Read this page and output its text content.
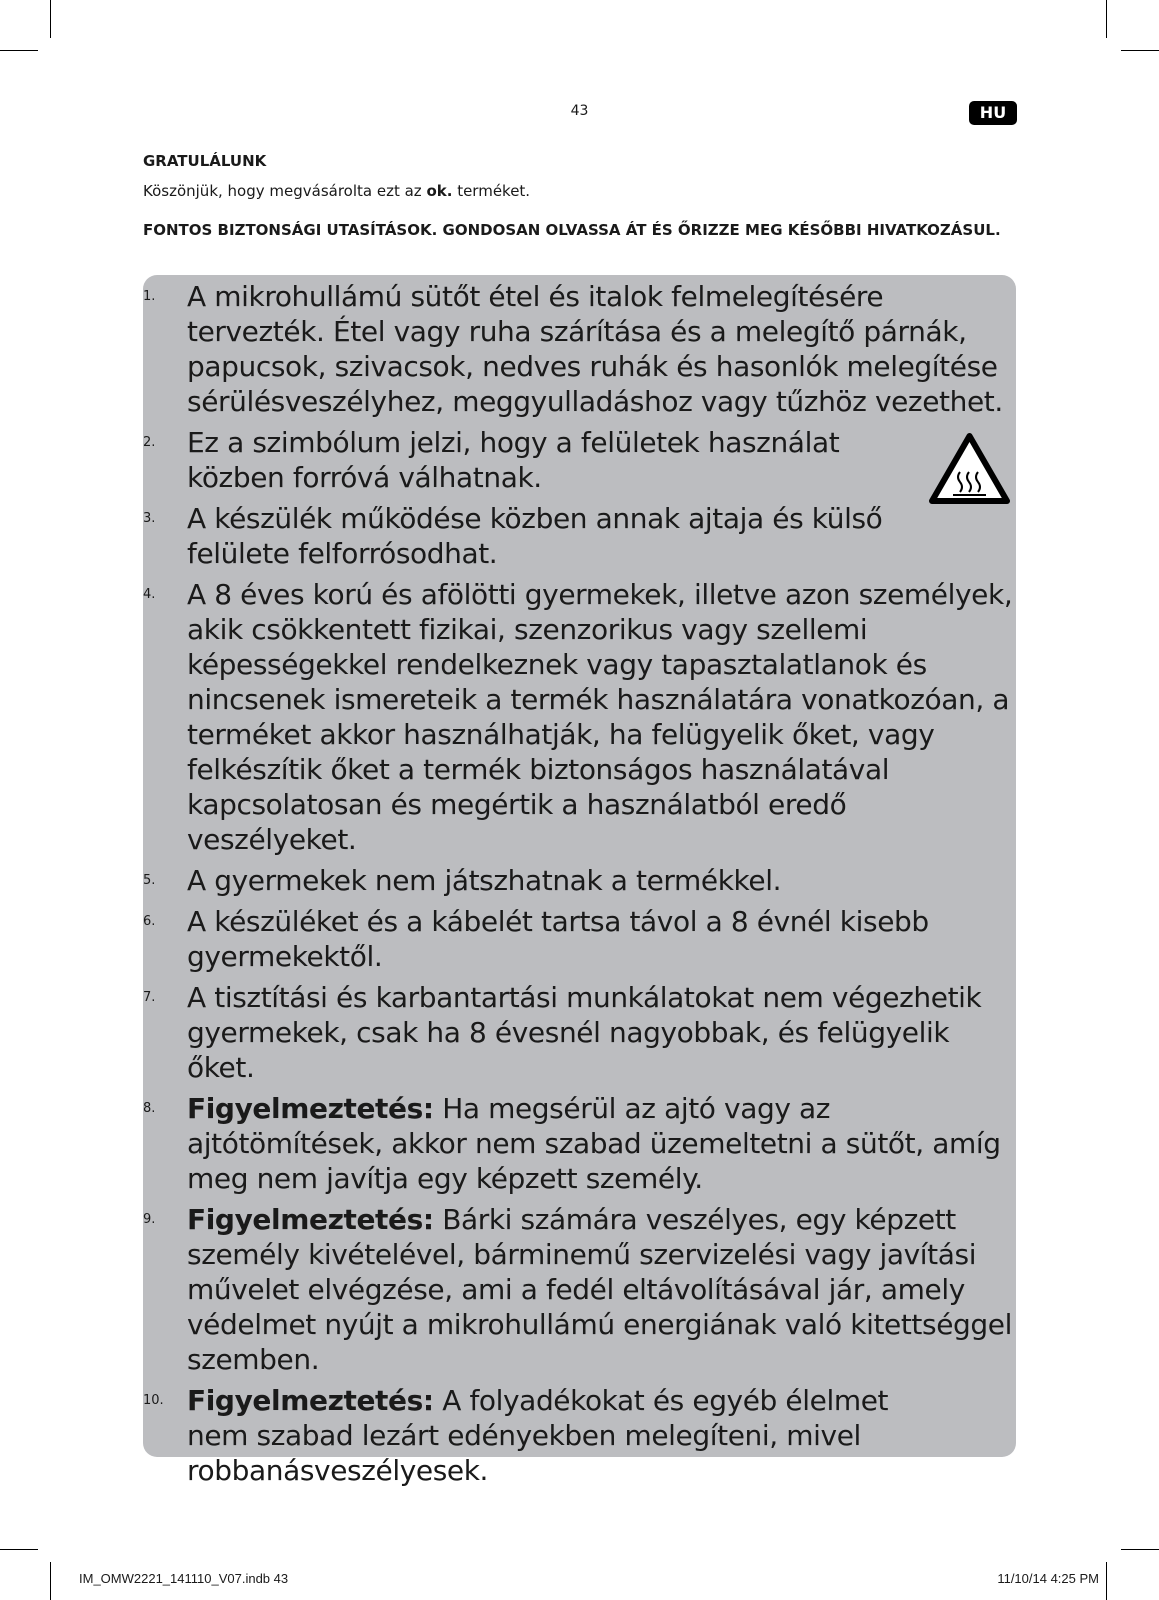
43	HU
GRATULÁLUNK
Köszönjük, hogy megvásárolta ezt az ok. terméket.
FONTOS BIZTONSÁGI UTASÍTÁSOK. GONDOSAN OLVASSA ÁT ÉS ŐRIZZE MEG KÉSŐBBI HIVATKOZÁSUL.
1. A mikrohullámú sütőt étel és italok felmelegítésére tervezték. Étel vagy ruha szárítása és a melegítő párnák, papucsok, szivacsok, nedves ruhák és hasonlók melegítése sérülésveszélyhez, meggyulladáshoz vagy tűzhöz vezethet.
2. Ez a szimbólum jelzi, hogy a felületek használat közben forróvá válhatnak.
3. A készülék működése közben annak ajtaja és külső felülete felforrósodhat.
4. A 8 éves korú és afölötti gyermekek, illetve azon személyek, akik csökkentett fizikai, szenzorikus vagy szellemi képességekkel rendelkeznek vagy tapasztalatlanok és nincsenek ismereteik a termék használatára vonatkozóan, a terméket akkor használhatják, ha felügyelik őket, vagy felkészítik őket a termék biztonságos használatával kapcsolatosan és megértik a használatból eredő veszélyeket.
5. A gyermekek nem játszhatnak a termékkel.
6. A készüléket és a kábelét tartsa távol a 8 évnél kisebb gyermekektől.
7. A tisztítási és karbantartási munkálatokat nem végezhetik gyermekek, csak ha 8 évesnél nagyobbak, és felügyelik őket.
8. Figyelmeztetés: Ha megsérül az ajtó vagy az ajtótömítések, akkor nem szabad üzemeltetni a sütőt, amíg meg nem javítja egy képzett személy.
9. Figyelmeztetés: Bárki számára veszélyes, egy képzett személy kivételével, bárminemű szervizelési vagy javítási művelet elvégzése, ami a fedél eltávolításával jár, amely védelmet nyújt a mikrohullámú energiának való kitettséggel szemben.
10. Figyelmeztetés: A folyadékokat és egyéb élelmet nem szabad lezárt edényekben melegíteni, mivel robbanásveszélyesek.
IM_OMW2221_141110_V07.indb 43	11/10/14 4:25 PM
